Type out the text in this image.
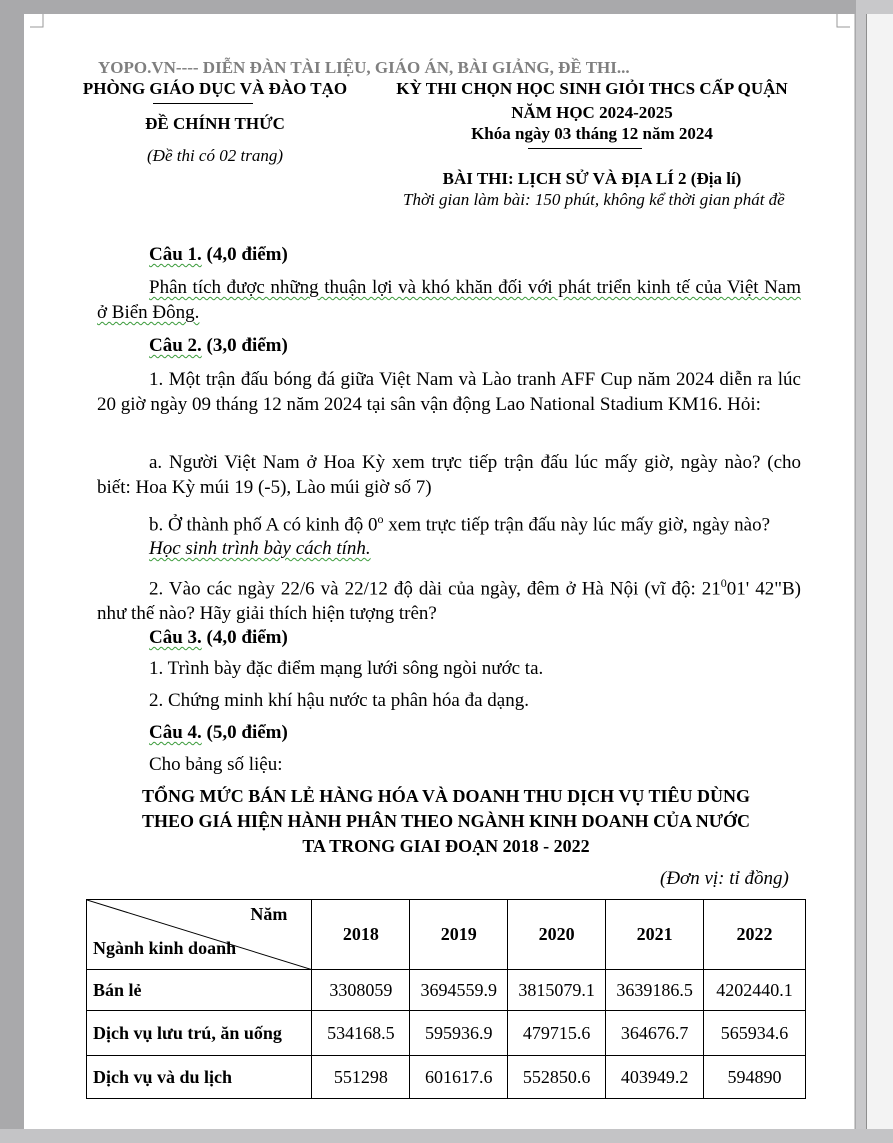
YOPO.VN---- DIỄN ĐÀN TÀI LIỆU, GIÁO ÁN, BÀI GIẢNG, ĐỀ THI...
PHÒNG GIÁO DỤC VÀ ĐÀO TẠO
ĐỀ CHÍNH THỨC
(Đề thi có 02 trang)
KỲ THI CHỌN HỌC SINH GIỎI THCS CẤP QUẬN
NĂM HỌC 2024-2025
Khóa ngày 03 tháng 12 năm 2024
BÀI THI: LỊCH SỬ VÀ ĐỊA LÍ 2 (Địa lí)
Thời gian làm bài: 150 phút, không kể thời gian phát đề
Câu 1. (4,0 điểm)
Phân tích được những thuận lợi và khó khăn đối với phát triển kinh tế của Việt Nam ở Biển Đông.
Câu 2. (3,0 điểm)
1. Một trận đấu bóng đá giữa Việt Nam và Lào tranh AFF Cup năm 2024 diễn ra lúc 20 giờ ngày 09 tháng 12 năm 2024 tại sân vận động Lao National Stadium KM16. Hỏi:
a. Người Việt Nam ở Hoa Kỳ xem trực tiếp trận đấu lúc mấy giờ, ngày nào? (cho biết: Hoa Kỳ múi 19 (-5), Lào múi giờ số 7)
b. Ở thành phố A có kinh độ 0$^o$ xem trực tiếp trận đấu này lúc mấy giờ, ngày nào?
Học sinh trình bày cách tính.
2. Vào các ngày 22/6 và 22/12 độ dài của ngày, đêm ở Hà Nội (vĩ độ: $21^001'$ 42"B) như thế nào? Hãy giải thích hiện tượng trên?
Câu 3. (4,0 điểm)
1. Trình bày đặc điểm mạng lưới sông ngòi nước ta.
2. Chứng minh khí hậu nước ta phân hóa đa dạng.
Câu 4. (5,0 điểm)
Cho bảng số liệu:
TỔNG MỨC BÁN LẺ HÀNG HÓA VÀ DOANH THU DỊCH VỤ TIÊU DÙNG
THEO GIÁ HIỆN HÀNH PHÂN THEO NGÀNH KINH DOANH CỦA NƯỚC
TA TRONG GIAI ĐOẠN 2018 - 2022
(Đơn vị: tỉ đồng)
Năm
Ngành kinh doanh	2018	2019	2020	2021	2022
Bán lẻ	3308059	3694559.9	3815079.1	3639186.5	4202440.1
Dịch vụ lưu trú, ăn uống	534168.5	595936.9	479715.6	364676.7	565934.6
Dịch vụ và du lịch	551298	601617.6	552850.6	403949.2	594890
